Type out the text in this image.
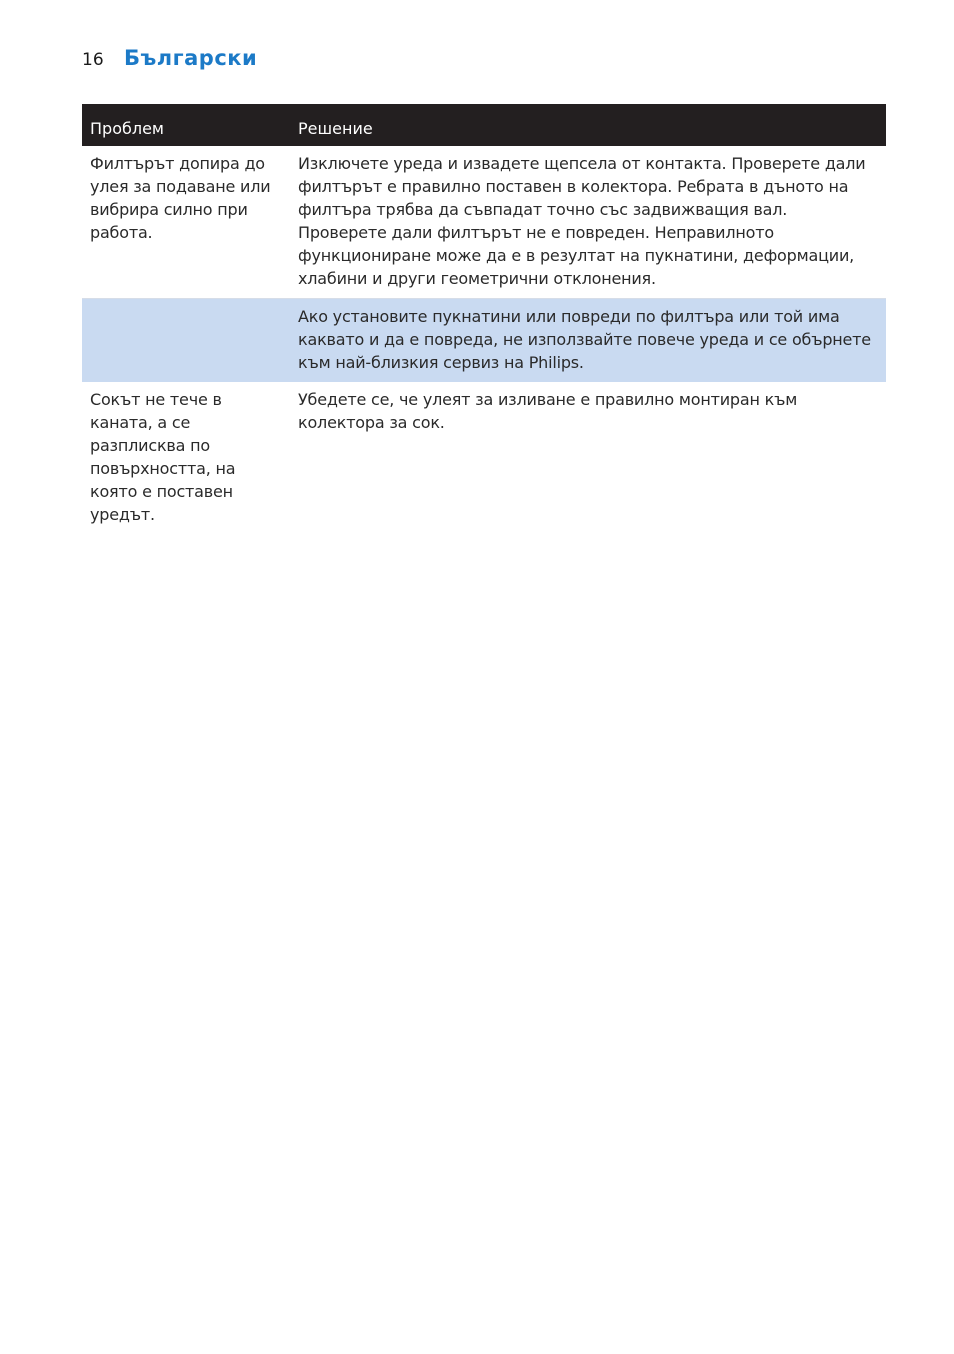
16 Български
Проблем	Решение
Филтърът допира до улея за подаване или вибрира силно при работа.	Изключете уреда и извадете щепсела от контакта. Проверете дали филтърът е правилно поставен в колектора. Ребрата в дъното на филтъра трябва да съвпадат точно със задвижващия вал. Проверете дали филтърът не е повреден. Неправилното функциониране може да е в резултат на пукнатини, деформации, хлабини и други геометрични отклонения.
	Ако установите пукнатини или повреди по филтъра или той има каквато и да е повреда, не използвайте повече уреда и се обърнете към най-близкия сервиз на Philips.
Сокът не тече в каната, а се разплисква по повърхността, на която е поставен уредът.	Убедете се, че улеят за изливане е правилно монтиран към колектора за сок.
